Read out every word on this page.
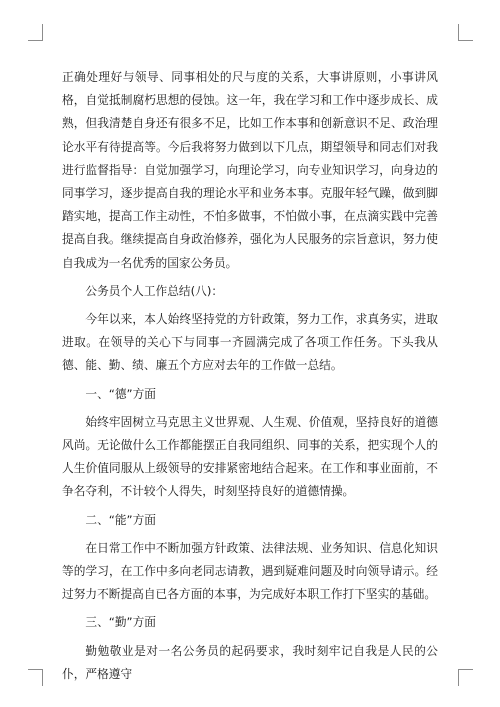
正确处理好与领导、同事相处的尺与度的关系，大事讲原则，小事讲风格，自觉抵制腐朽思想的侵蚀。这一年，我在学习和工作中逐步成长、成熟，但我清楚自身还有很多不足，比如工作本事和创新意识不足、政治理论水平有待提高等。今后我将努力做到以下几点，期望领导和同志们对我进行监督指导：自觉加强学习，向理论学习，向专业知识学习，向身边的同事学习，逐步提高自我的理论水平和业务本事。克服年轻气躁，做到脚踏实地，提高工作主动性，不怕多做事，不怕做小事，在点滴实践中完善提高自我。继续提高自身政治修养，强化为人民服务的宗旨意识，努力使自我成为一名优秀的国家公务员。

公务员个人工作总结(八)：

今年以来，本人始终坚持党的方针政策，努力工作，求真务实，进取进取。在领导的关心下与同事一齐圆满完成了各项工作任务。下头我从德、能、勤、绩、廉五个方应对去年的工作做一总结。

一、“德”方面

始终牢固树立马克思主义世界观、人生观、价值观，坚持良好的道德风尚。无论做什么工作都能摆正自我同组织、同事的关系，把实现个人的人生价值同服从上级领导的安排紧密地结合起来。在工作和事业面前，不争名夺利，不计较个人得失，时刻坚持良好的道德情操。

二、“能”方面

在日常工作中不断加强方针政策、法律法规、业务知识、信息化知识等的学习，在工作中多向老同志请教，遇到疑难问题及时向领导请示。经过努力不断提高自已各方面的本事，为完成好本职工作打下坚实的基础。

三、“勤”方面

勤勉敬业是对一名公务员的起码要求，我时刻牢记自我是人民的公仆，严格遵守
